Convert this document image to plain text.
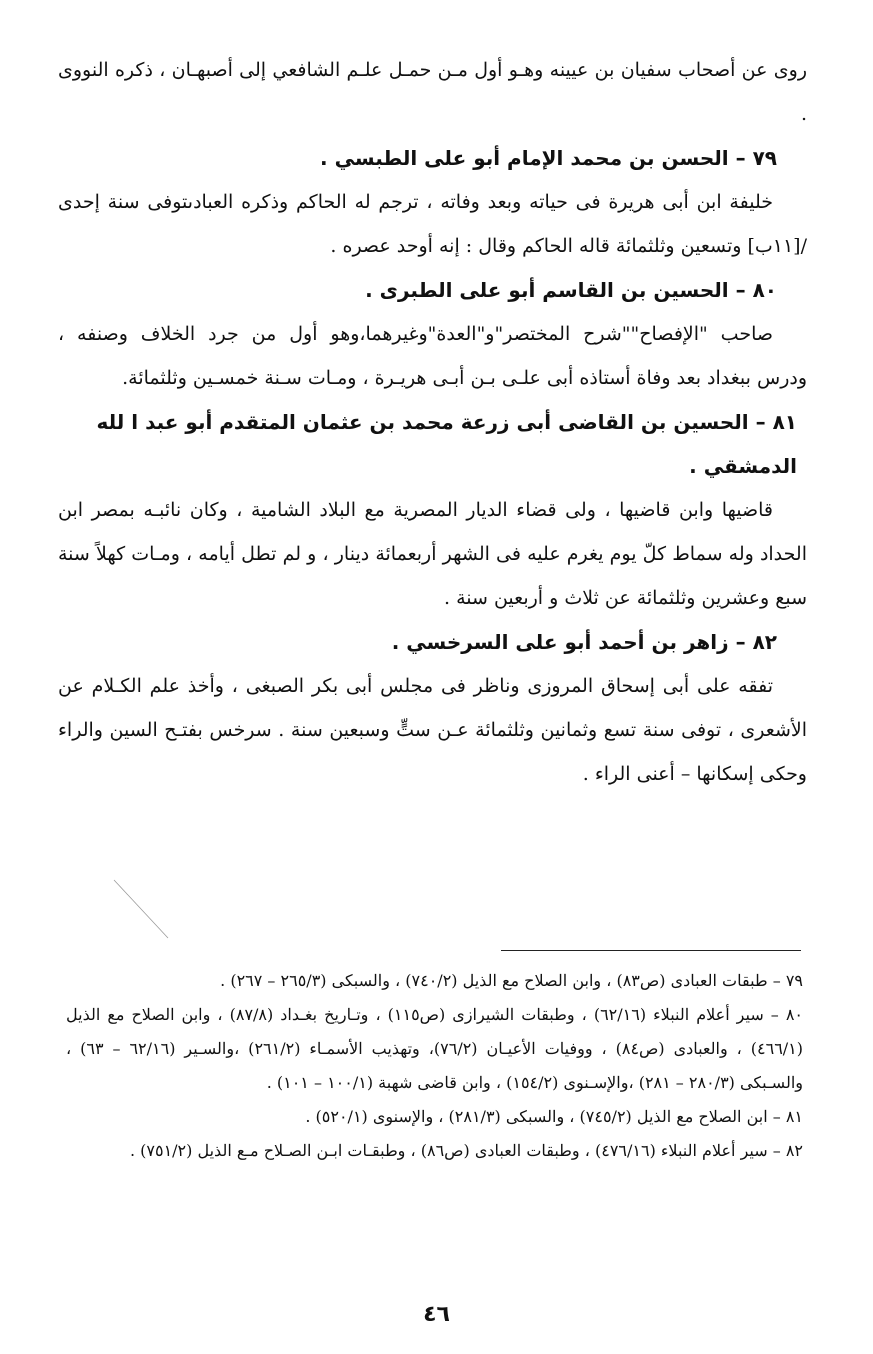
روى عن أصحاب سفيان بن عيينه وهـو أول مـن حمـل علـم الشافعي إلى أصبهـان ، ذكره النووى .

٧٩ – الحسن بن محمد الإمام أبو على الطبسي .

خليفة ابن أبى هريرة فى حياته وبعد وفاته ، ترجم له الحاكم وذكره العبادىتوفى سنة إحدى /[١١ب] وتسعين وثلثمائة قاله الحاكم وقال : إنه أوحد عصره .

٨٠ – الحسين بن القاسم أبو على الطبرى .

صاحب "الإفصاح""شرح المختصر"و"العدة"وغيرهما،وهو أول من جرد الخلاف وصنفه ، ودرس ببغداد بعد وفاة أستاذه أبى علـى بـن أبـى هريـرة ، ومـات سـنة خمسـين وثلثمائة.

٨١ – الحسين بن القاضى أبى زرعة محمد بن عثمان المتقدم أبو عبد ا لله الدمشقي .

قاضيها وابن قاضيها ، ولى قضاء الديار المصرية مع البلاد الشامية ، وكان نائبـه بمصر ابن الحداد وله سماط كلّ يوم يغرم عليه فى الشهر أربعمائة دينار ، و لم تطل أيامه ، ومـات كهلاً سنة سبع وعشرين وثلثمائة عن ثلاث و أربعين سنة .

٨٢ – زاهر بن أحمد أبو على السرخسي .

تفقه على أبى إسحاق المروزى وناظر فى مجلس أبى بكر الصبغى ، وأخذ علم الكـلام عن الأشعرى ، توفى سنة تسع وثمانين وثلثمائة عـن ستٍّ وسبعين سنة . سرخس بفتـح السين والراء وحكى إسكانها – أعنى الراء .

٧٩ – طبقات العبادى (ص٨٣) ، وابن الصلاح مع الذيل (٧٤٠/٢) ، والسبكى (٢٦٥/٣ – ٢٦٧) .

٨٠ – سير أعلام النبلاء (٦٢/١٦) ، وطبقات الشيرازى (ص١١٥) ، وتـاريخ بغـداد (٨٧/٨) ، وابن الصلاح مع الذيل (٤٦٦/١) ، والعبادى (ص٨٤) ، ووفيات الأعيـان (٧٦/٢)، وتهذيب الأسمـاء (٢٦١/٢) ،والسـير (٦٢/١٦ – ٦٣) ، والسـبكى (٢٨٠/٣ – ٢٨١) ،والإسـنوى (١٥٤/٢) ، وابن قاضى شهبة (١٠٠/١ – ١٠١) .

٨١ – ابن الصلاح مع الذيل (٧٤٥/٢) ، والسبكى (٢٨١/٣) ، والإسنوى (٥٢٠/١) .

٨٢ – سير أعلام النبلاء (٤٧٦/١٦) ، وطبقات العبادى (ص٨٦) ، وطبقـات ابـن الصـلاح مـع الذيل (٧٥١/٢) .

٤٦
